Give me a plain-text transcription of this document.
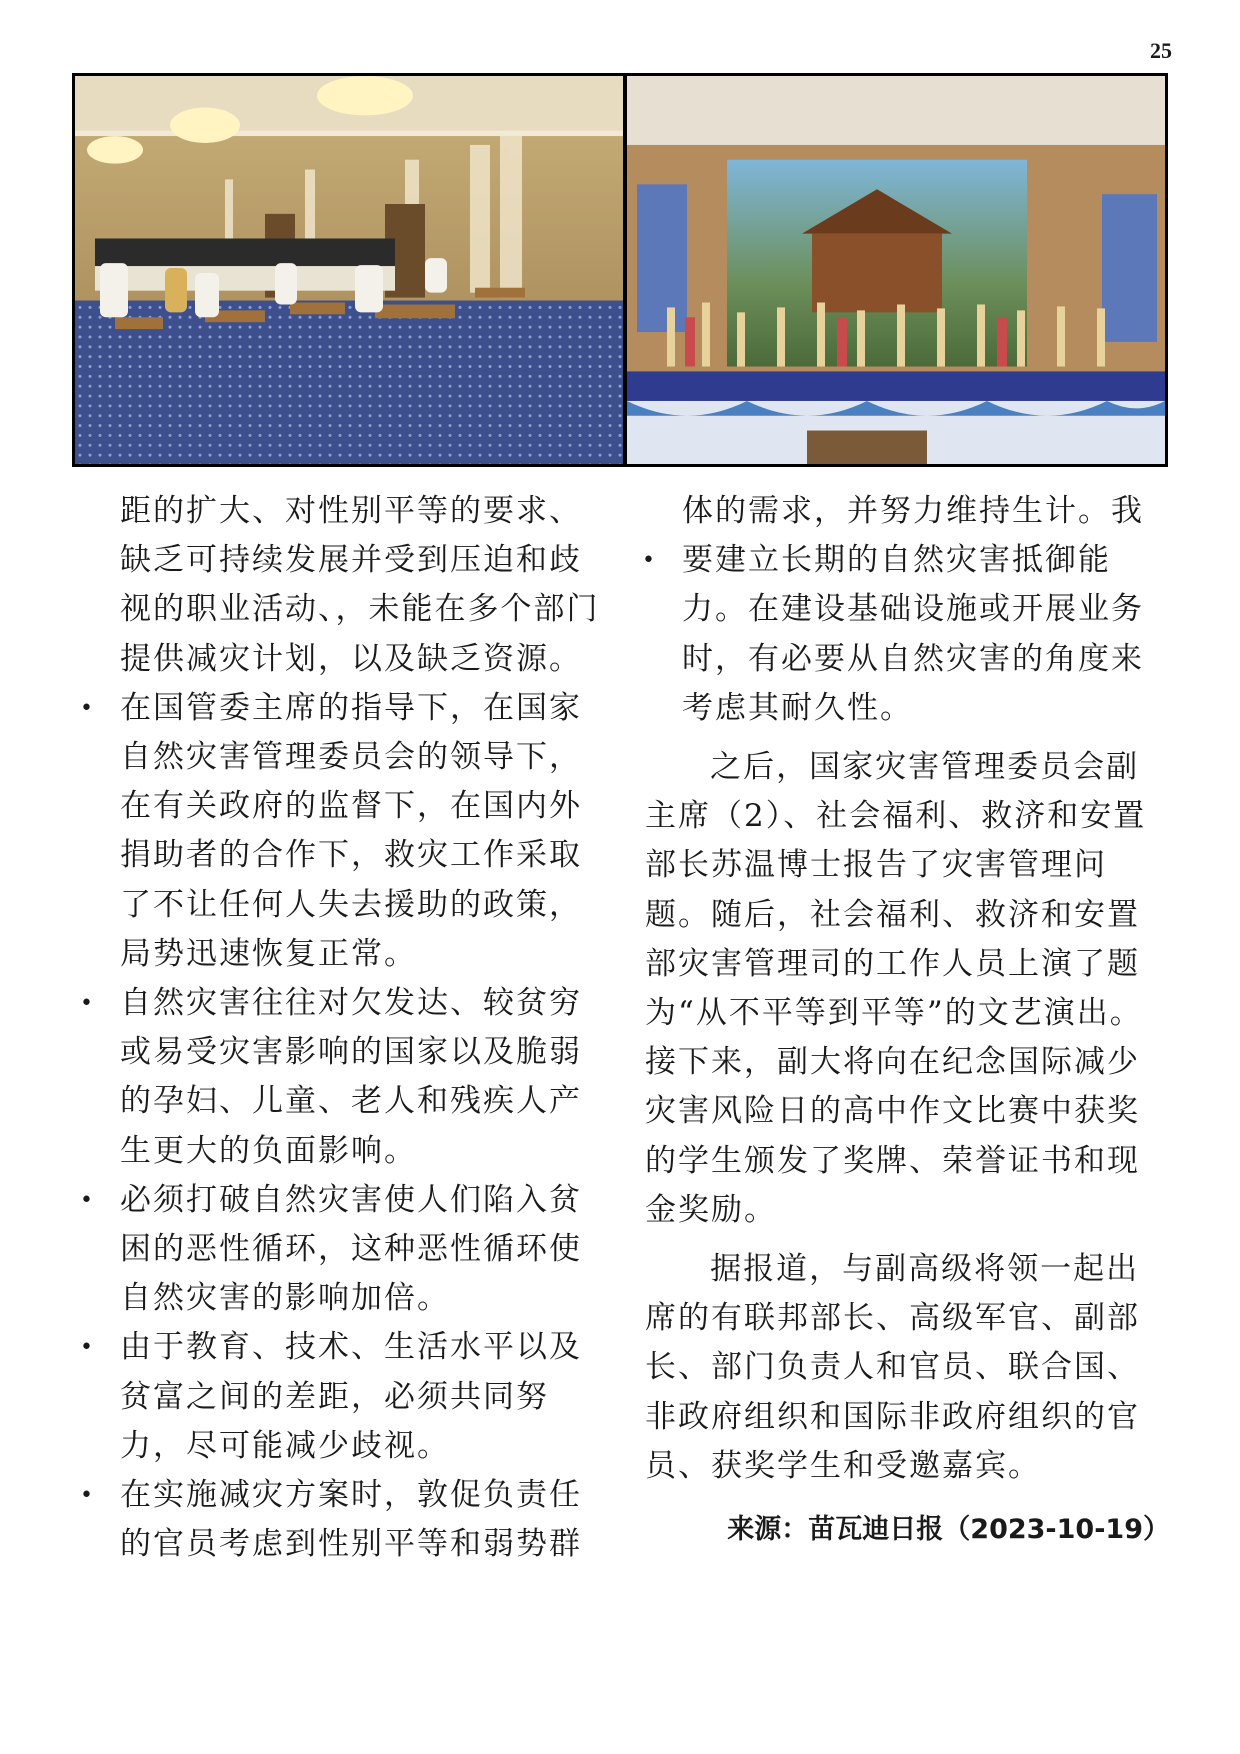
25

距的扩大、对性别平等的要求、缺乏可持续发展并受到压迫和歧视的职业活动、，未能在多个部门提供减灾计划，以及缺乏资源。

• 在国管委主席的指导下，在国家自然灾害管理委员会的领导下，在有关政府的监督下，在国内外捐助者的合作下，救灾工作采取了不让任何人失去援助的政策，局势迅速恢复正常。
• 自然灾害往往对欠发达、较贫穷或易受灾害影响的国家以及脆弱的孕妇、儿童、老人和残疾人产生更大的负面影响。
• 必须打破自然灾害使人们陷入贫困的恶性循环，这种恶性循环使自然灾害的影响加倍。
• 由于教育、技术、生活水平以及贫富之间的差距，必须共同努力，尽可能减少歧视。
• 在实施减灾方案时，敦促负责任的官员考虑到性别平等和弱势群

体的需求，并努力维持生计。我

• 要建立长期的自然灾害抵御能力。在建设基础设施或开展业务时，有必要从自然灾害的角度来考虑其耐久性。

之后，国家灾害管理委员会副主席（2）、社会福利、救济和安置部长苏温博士报告了灾害管理问题。随后，社会福利、救济和安置部灾害管理司的工作人员上演了题为“从不平等到平等”的文艺演出。接下来，副大将向在纪念国际减少灾害风险日的高中作文比赛中获奖的学生颁发了奖牌、荣誉证书和现金奖励。

据报道，与副高级将领一起出席的有联邦部长、高级军官、副部长、部门负责人和官员、联合国、非政府组织和国际非政府组织的官员、获奖学生和受邀嘉宾。

来源：苗瓦迪日报（2023-10-19）
